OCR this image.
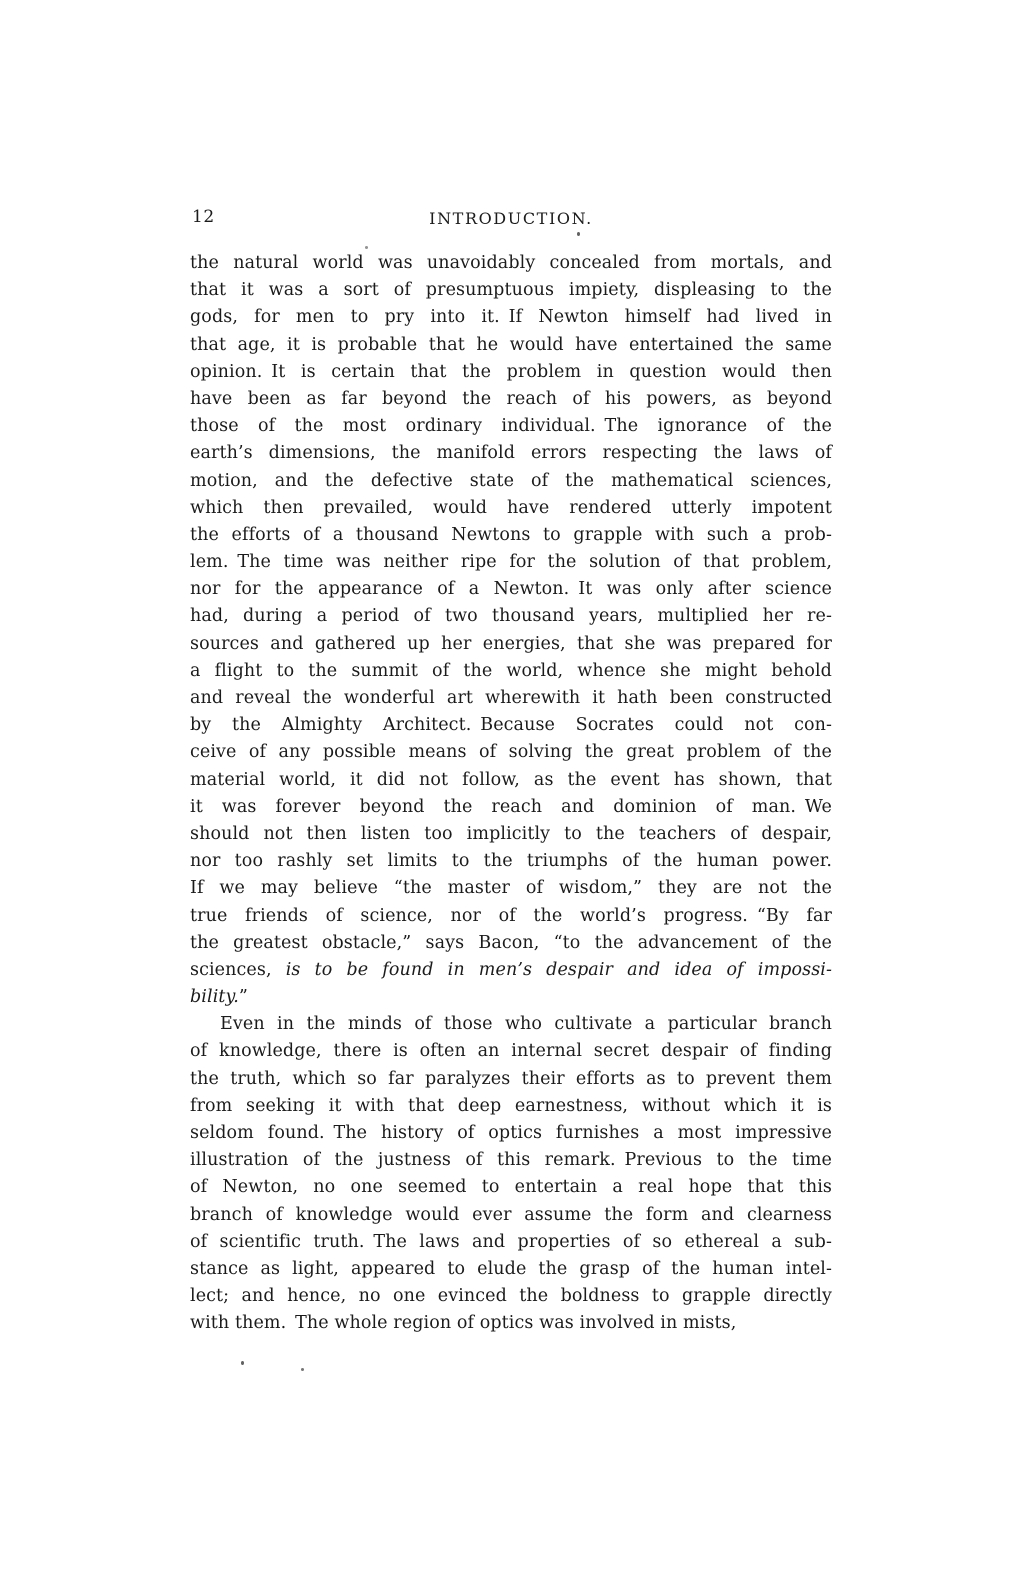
12	INTRODUCTION.
the natural world was unavoidably concealed from mortals, and
that it was a sort of presumptuous impiety, displeasing to the
gods, for men to pry into it. If Newton himself had lived in
that age, it is probable that he would have entertained the same
opinion. It is certain that the problem in question would then
have been as far beyond the reach of his powers, as beyond
those of the most ordinary individual. The ignorance of the
earth’s dimensions, the manifold errors respecting the laws of
motion, and the defective state of the mathematical sciences,
which then prevailed, would have rendered utterly impotent
the efforts of a thousand Newtons to grapple with such a prob-
lem. The time was neither ripe for the solution of that problem,
nor for the appearance of a Newton. It was only after science
had, during a period of two thousand years, multiplied her re-
sources and gathered up her energies, that she was prepared for
a flight to the summit of the world, whence she might behold
and reveal the wonderful art wherewith it hath been constructed
by the Almighty Architect. Because Socrates could not con-
ceive of any possible means of solving the great problem of the
material world, it did not follow, as the event has shown, that
it was forever beyond the reach and dominion of man. We
should not then listen too implicitly to the teachers of despair,
nor too rashly set limits to the triumphs of the human power.
If we may believe “the master of wisdom,” they are not the
true friends of science, nor of the world’s progress. “By far
the greatest obstacle,” says Bacon, “to the advancement of the
sciences, is to be found in men’s despair and idea of impossi-
bility.”
Even in the minds of those who cultivate a particular branch
of knowledge, there is often an internal secret despair of finding
the truth, which so far paralyzes their efforts as to prevent them
from seeking it with that deep earnestness, without which it is
seldom found. The history of optics furnishes a most impressive
illustration of the justness of this remark. Previous to the time
of Newton, no one seemed to entertain a real hope that this
branch of knowledge would ever assume the form and clearness
of scientific truth. The laws and properties of so ethereal a sub-
stance as light, appeared to elude the grasp of the human intel-
lect; and hence, no one evinced the boldness to grapple directly
with them. The whole region of optics was involved in mists,
